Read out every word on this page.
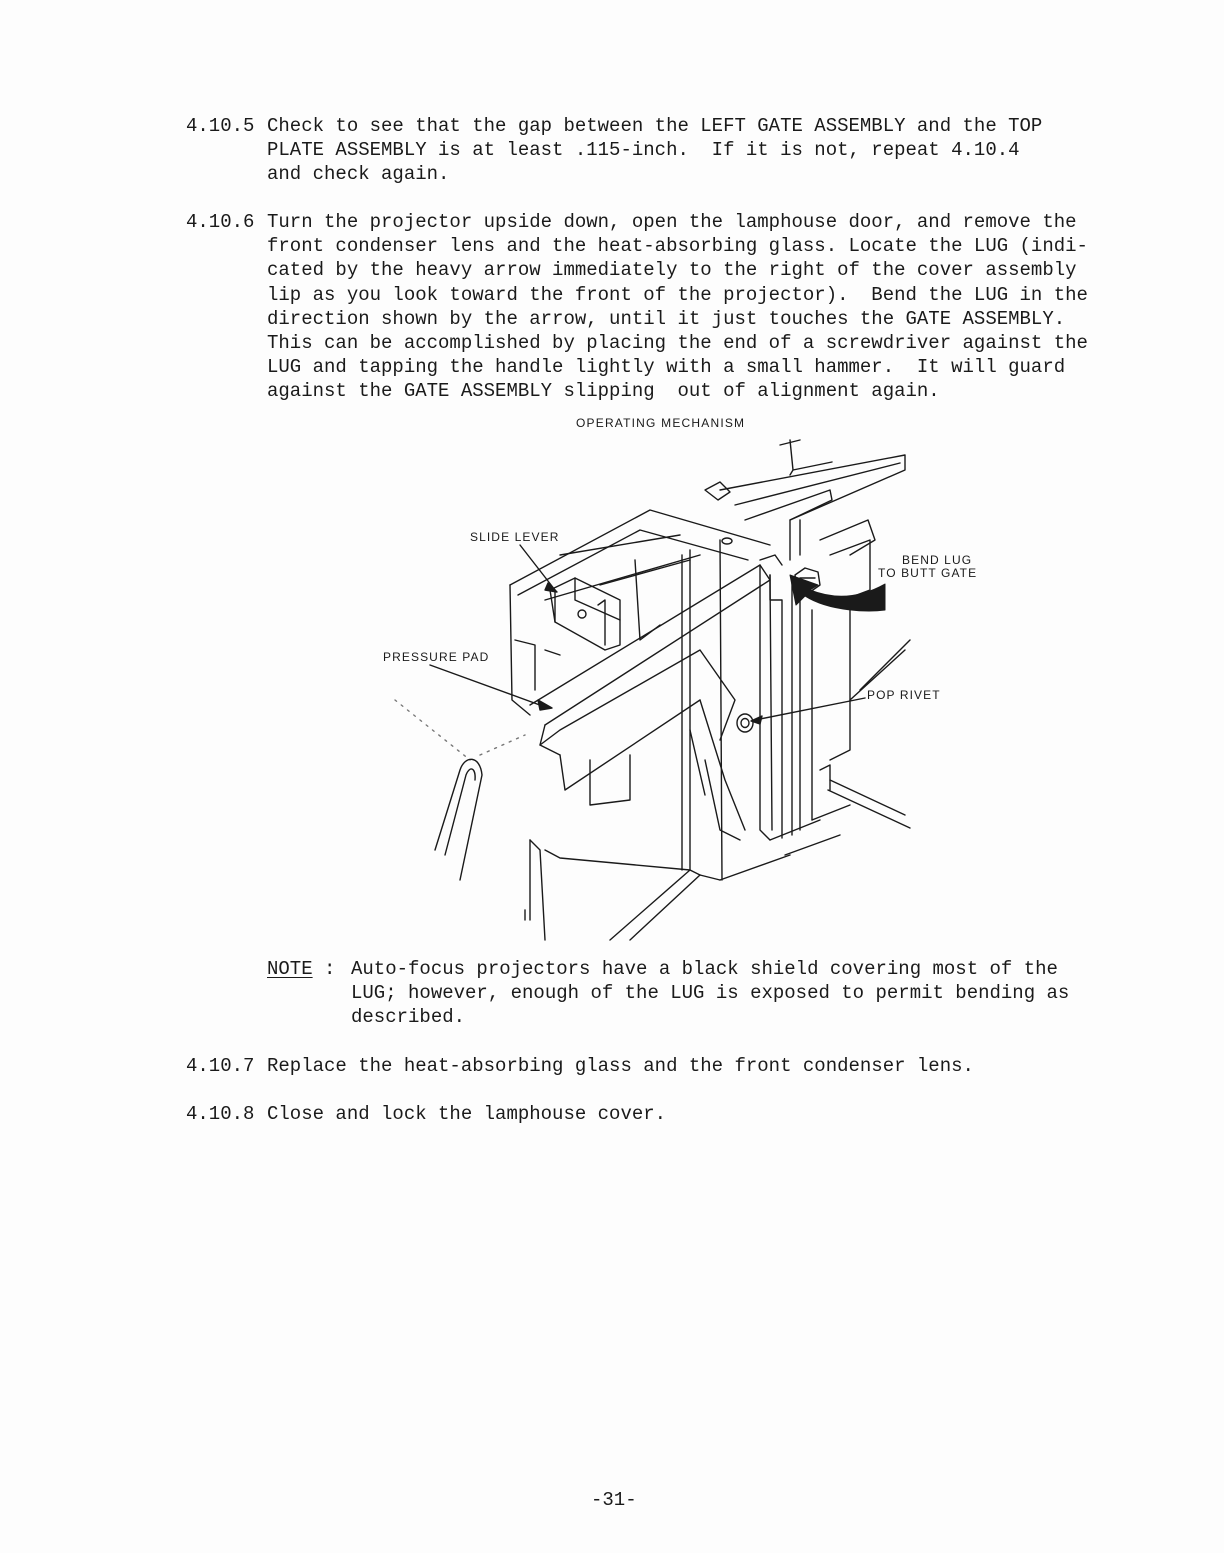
4.10.5 Check to see that the gap between the LEFT GATE ASSEMBLY and the TOP
PLATE ASSEMBLY is at least .115-inch.  If it is not, repeat 4.10.4
and check again.
4.10.6 Turn the projector upside down, open the lamphouse door, and remove the
front condenser lens and the heat-absorbing glass. Locate the LUG (indi-
cated by the heavy arrow immediately to the right of the cover assembly
lip as you look toward the front of the projector).  Bend the LUG in the
direction shown by the arrow, until it just touches the GATE ASSEMBLY.
This can be accomplished by placing the end of a screwdriver against the
LUG and tapping the handle lightly with a small hammer.  It will guard
against the GATE ASSEMBLY slipping  out of alignment again.
OPERATING MECHANISM
SLIDE LEVER
PRESSURE PAD
BEND LUG
TO BUTT GATE
POP RIVET
NOTE : Auto-focus projectors have a black shield covering most of the
LUG; however, enough of the LUG is exposed to permit bending as
described.
4.10.7 Replace the heat-absorbing glass and the front condenser lens.
4.10.8 Close and lock the lamphouse cover.
-31-
